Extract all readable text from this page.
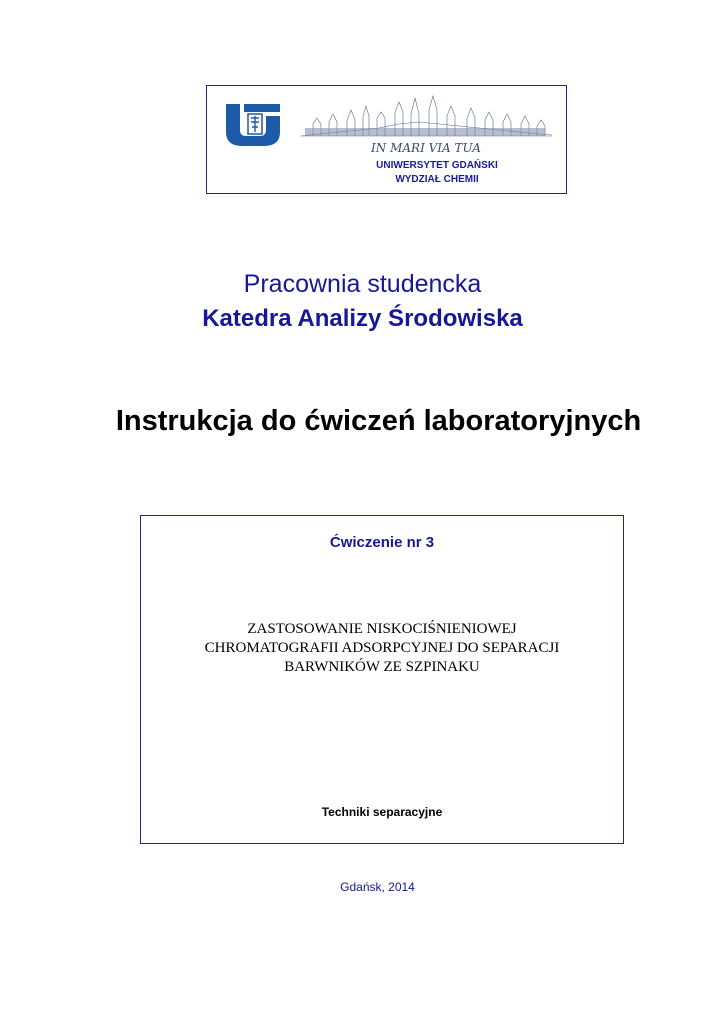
IN MARI VIA TUA
UNIWERSYTET GDAŃSKI
WYDZIAŁ CHEMII
Pracownia studencka
Katedra Analizy Środowiska
Instrukcja do ćwiczeń laboratoryjnych
Ćwiczenie nr 3
ZASTOSOWANIE NISKOCIŚNIENIOWEJ
CHROMATOGRAFII ADSORPCYJNEJ DO SEPARACJI
BARWNIKÓW ZE SZPINAKU
Techniki separacyjne
Gdańsk, 2014
